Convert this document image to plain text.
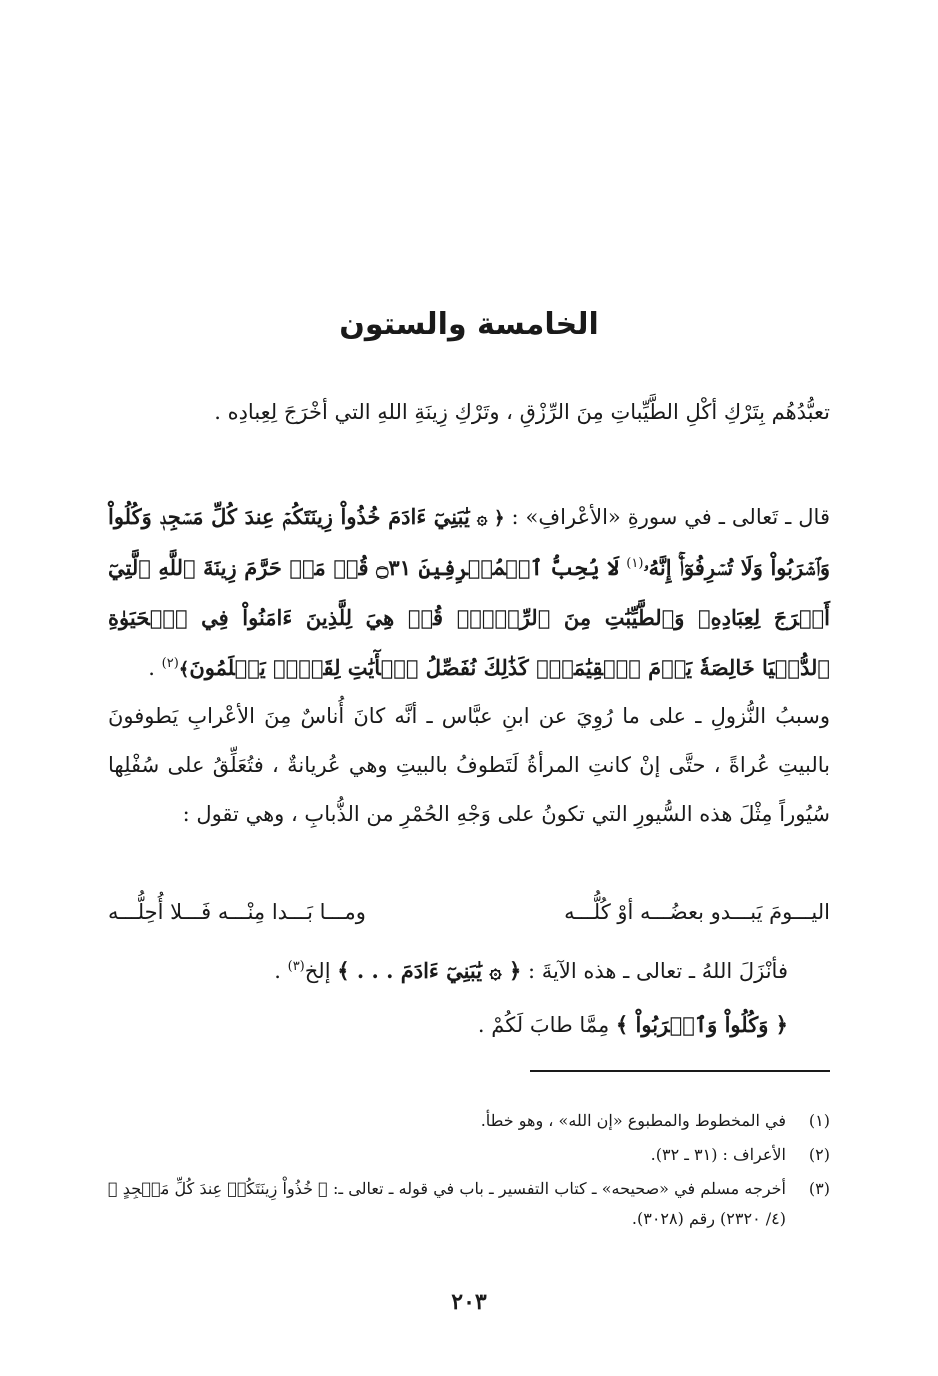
الخامسة والستون

تعبُّدُهُم بِتَرْكِ أكْلِ الطَّيِّباتِ مِنَ الرِّزْقِ ، وتَرْكِ زِينَةِ اللهِ التي أخْرَجَ لِعِبادِه .

قال ـ تَعالى ـ في سورةِ «الأعْرافِ» : ﴿ ۞ يَٰبَنِيٓ ءَادَمَ خُذُواْ زِينَتَكُمۡ عِندَ كُلِّ مَسۡجِدٖ وَكُلُواْ وَٱشۡرَبُواْ وَلَا تُسۡرِفُوٓاْۚ إِنَّهُۥ$^{(١)}$ لَا يُحِبُّ ٱلۡمُسۡرِفِينَ ۝٣١ قُلۡ مَنۡ حَرَّمَ زِينَةَ ٱللَّهِ ٱلَّتِيٓ أَخۡرَجَ لِعِبَادِهِۦ وَٱلطَّيِّبَٰتِ مِنَ ٱلرِّزۡقِۚ قُلۡ هِيَ لِلَّذِينَ ءَامَنُواْ فِي ٱلۡحَيَوٰةِ ٱلدُّنۡيَا خَالِصَةٗ يَوۡمَ ٱلۡقِيَٰمَةِۗ كَذَٰلِكَ نُفَصِّلُ ٱلۡأٓيَٰتِ لِقَوۡمٖ يَعۡلَمُونَ﴾$^{(٢)}$ .

وسببُ النُّزولِ ـ على ما رُوِيَ عن ابنِ عبَّاس ـ أنَّه كانَ أُناسٌ مِنَ الأعْرابِ يَطوفونَ بالبيتِ عُراةً ، حتَّى إنْ كانتِ المرأةُ لَتَطوفُ بالبيتِ وهي عُريانةٌ ، فتُعَلِّقُ على سُفْلِها سُيُوراً مِثْلَ هذه السُّيورِ التي تكونُ على وَجْهِ الحُمْرِ من الذُّبابِ ، وهي تقول :

اليـــومَ يَبـــدو بعضُـــه أوْ كُلُّـــه
ومـــا بَـــدا مِنْـــه فَـــلا أُحِلُّـــه

فأنْزَلَ اللهُ ـ تعالى ـ هذه الآيةَ : ﴿ ۞ يَٰبَنِيٓ ءَادَمَ . . . ﴾ إلخ$^{(٣)}$ .

﴿ وَكُلُواْ وَٱشۡرَبُواْ ﴾ مِمَّا طابَ لَكُمْ .

(١)
في المخطوط والمطبوع «إن الله» ، وهو خطأ.
(٢)
الأعراف : (٣١ ـ ٣٢).
(٣)
أخرجه مسلم في «صحيحه» ـ كتاب التفسير ـ باب في قوله ـ تعالى ـ: ﴿ خُذُواْ زِينَتَكُمۡ عِندَ كُلِّ مَسۡجِدٍ ﴾ (٤/ ٢٣٢٠) رقم (٣٠٢٨).

٢٠٣
